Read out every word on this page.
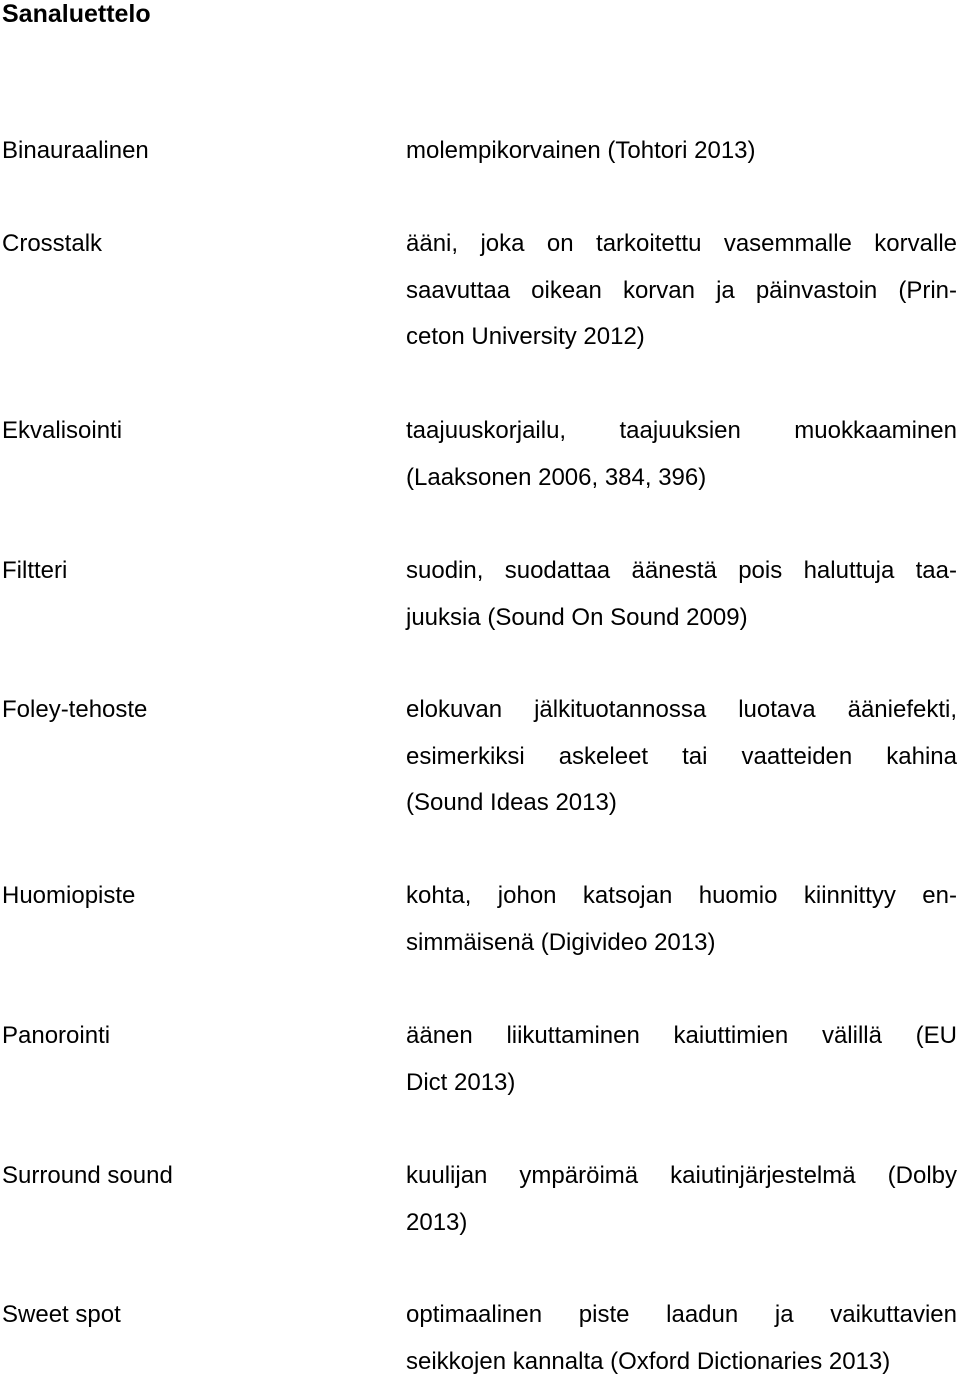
Sanaluettelo
Binauraalinen	molempikorvainen (Tohtori 2013)
Crosstalk	ääni, joka on tarkoitettu vasemmalle korvalle
saavuttaa oikean korvan ja päinvastoin (Prin-
ceton University 2012)
Ekvalisointi	taajuuskorjailu, taajuuksien muokkaaminen
(Laaksonen 2006, 384, 396)
Filtteri	suodin, suodattaa äänestä pois haluttuja taa-
juuksia (Sound On Sound 2009)
Foley-tehoste	elokuvan jälkituotannossa luotava ääniefekti,
esimerkiksi askeleet tai vaatteiden kahina
(Sound Ideas 2013)
Huomiopiste	kohta, johon katsojan huomio kiinnittyy en-
simmäisenä (Digivideo 2013)
Panorointi	äänen liikuttaminen kaiuttimien välillä (EU
Dict 2013)
Surround sound	kuulijan ympäröimä kaiutinjärjestelmä (Dolby
2013)
Sweet spot	optimaalinen piste laadun ja vaikuttavien
seikkojen kannalta (Oxford Dictionaries 2013)
